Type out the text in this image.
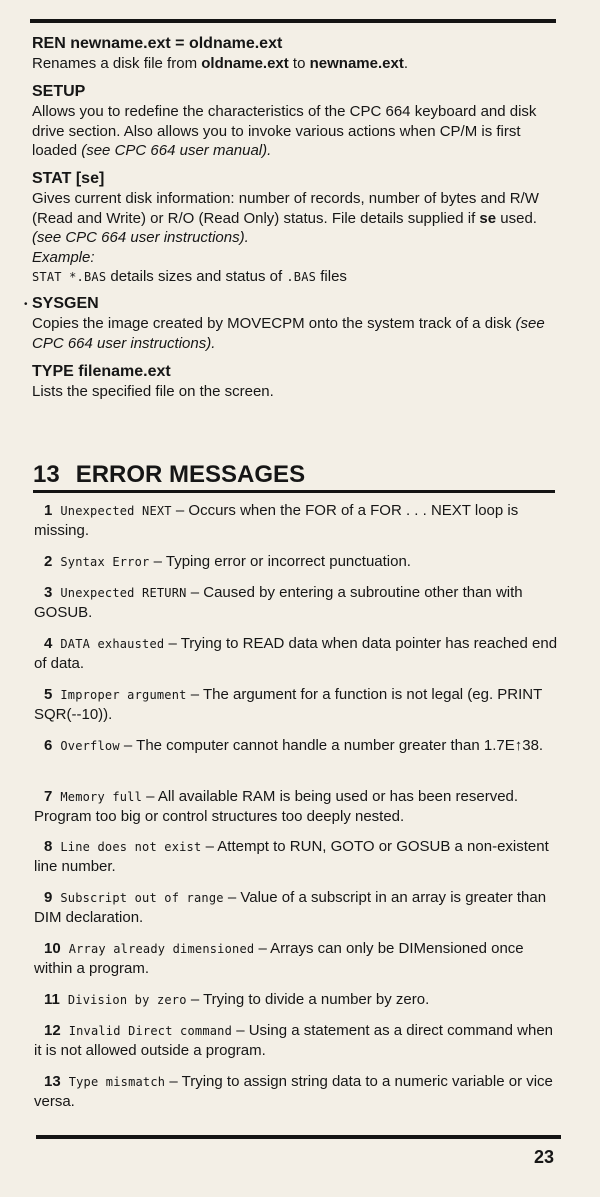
REN newname.ext = oldname.ext

Renames a disk file from oldname.ext to newname.ext.

SETUP

Allows you to redefine the characteristics of the CPC 664 keyboard and disk drive section. Also allows you to invoke various actions when CP/M is first loaded (see CPC 664 user manual).

STAT [se]

Gives current disk information: number of records, number of bytes and R/W (Read and Write) or R/O (Read Only) status. File details supplied if se used. (see CPC 664 user instructions).

Example:

STAT *.BAS details sizes and status of .BAS files

• SYSGEN

Copies the image created by MOVECPM onto the system track of a disk (see CPC 664 user instructions).

TYPE filename.ext

Lists the specified file on the screen.

13 ERROR MESSAGES
1 Unexpected NEXT – Occurs when the FOR of a FOR . . . NEXT loop is missing.
2 Syntax Error – Typing error or incorrect punctuation.
3 Unexpected RETURN – Caused by entering a subroutine other than with GOSUB.
4 DATA exhausted – Trying to READ data when data pointer has reached end of data.
5 Improper argument – The argument for a function is not legal (eg. PRINT SQR(--10)).
6 Overflow – The computer cannot handle a number greater than 1.7E↑38.
7 Memory full – All available RAM is being used or has been reserved. Program too big or control structures too deeply nested.
8 Line does not exist – Attempt to RUN, GOTO or GOSUB a non-existent line number.
9 Subscript out of range – Value of a subscript in an array is greater than DIM declaration.
10 Array already dimensioned – Arrays can only be DIMensioned once within a program.
11 Division by zero – Trying to divide a number by zero.
12 Invalid Direct command – Using a statement as a direct command when it is not allowed outside a program.
13 Type mismatch – Trying to assign string data to a numeric variable or vice versa.
23
